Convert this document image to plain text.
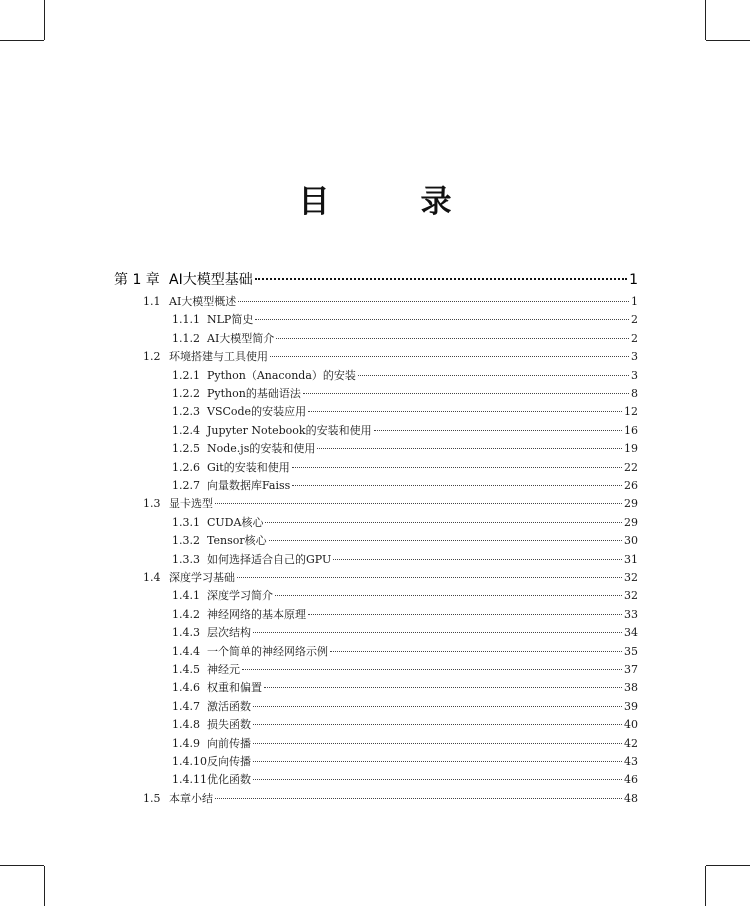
目　录
第 1 章 AI大模型基础	1
1.1 AI大模型概述	1
1.1.1 NLP简史	2
1.1.2 AI大模型简介	2
1.2 环境搭建与工具使用	3
1.2.1 Python（Anaconda）的安装	3
1.2.2 Python的基础语法	8
1.2.3 VSCode的安装应用	12
1.2.4 Jupyter Notebook的安装和使用	16
1.2.5 Node.js的安装和使用	19
1.2.6 Git的安装和使用	22
1.2.7 向量数据库Faiss	26
1.3 显卡选型	29
1.3.1 CUDA核心	29
1.3.2 Tensor核心	30
1.3.3 如何选择适合自己的GPU	31
1.4 深度学习基础	32
1.4.1 深度学习简介	32
1.4.2 神经网络的基本原理	33
1.4.3 层次结构	34
1.4.4 一个简单的神经网络示例	35
1.4.5 神经元	37
1.4.6 权重和偏置	38
1.4.7 激活函数	39
1.4.8 损失函数	40
1.4.9 向前传播	42
1.4.10 反向传播	43
1.4.11 优化函数	46
1.5 本章小结	48
